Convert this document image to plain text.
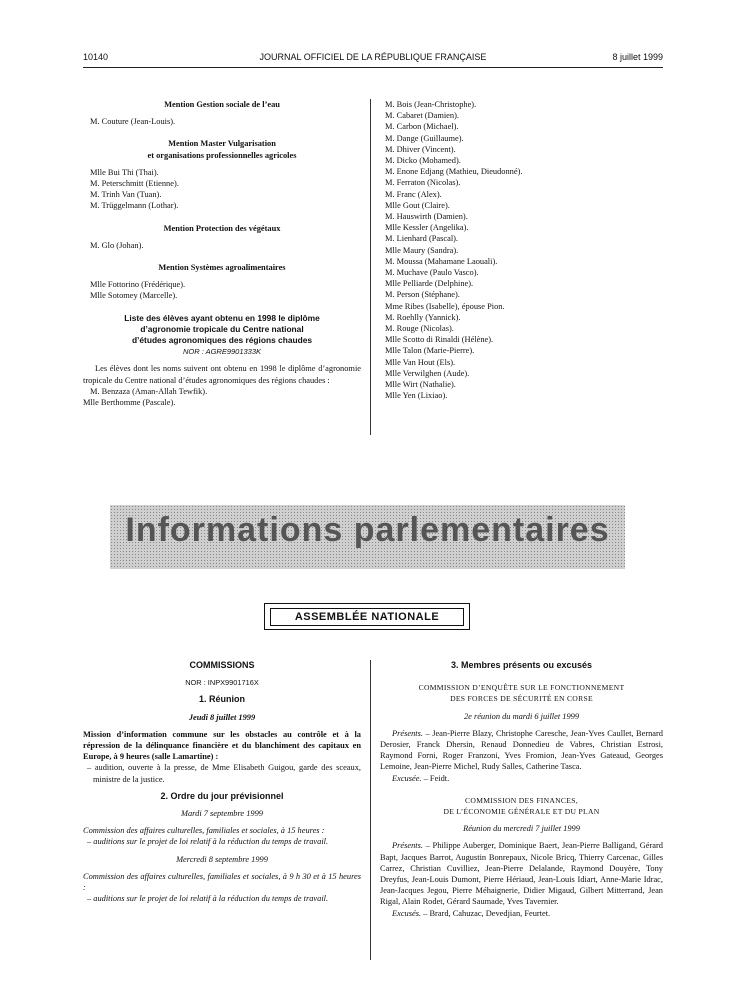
10140	JOURNAL OFFICIEL DE LA RÉPUBLIQUE FRANÇAISE	8 juillet 1999
Mention Gestion sociale de l’eau
M. Couture (Jean-Louis).
Mention Master Vulgarisation
et organisations professionnelles agricoles
Mlle Bui Thi (Thai).
M. Peterschmitt (Etienne).
M. Trinh Van (Tuan).
M. Trüggelmann (Lothar).
Mention Protection des végétaux
M. Glo (Johan).
Mention Systèmes agroalimentaires
Mlle Fottorino (Frédérique).
Mlle Sotomey (Marcelle).
Liste des élèves ayant obtenu en 1998 le diplôme
d’agronomie tropicale du Centre national
d’études agronomiques des régions chaudes
NOR : AGRE9901333K
Les élèves dont les noms suivent ont obtenu en 1998 le diplôme d’agronomie tropicale du Centre national d’études agronomiques des régions chaudes :
M. Benzaza (Aman-Allah Tewfik).
Mlle Berthomme (Pascale).
M. Bois (Jean-Christophe).
M. Cabaret (Damien).
M. Carbon (Michael).
M. Dange (Guillaume).
M. Dhiver (Vincent).
M. Dicko (Mohamed).
M. Enone Edjang (Mathieu, Dieudonné).
M. Ferraton (Nicolas).
M. Franc (Alex).
Mlle Gout (Claire).
M. Hauswirth (Damien).
Mlle Kessler (Angelika).
M. Lienhard (Pascal).
Mlle Maury (Sandra).
M. Moussa (Mahamane Laouali).
M. Muchave (Paulo Vasco).
Mlle Pelliarde (Delphine).
M. Person (Stéphane).
Mme Ribes (Isabelle), épouse Pion.
M. Roehlly (Yannick).
M. Rouge (Nicolas).
Mlle Scotto di Rinaldi (Hélène).
Mlle Talon (Marie-Pierre).
Mlle Van Hout (Els).
Mlle Verwilghen (Aude).
Mlle Wirt (Nathalie).
Mlle Yen (Lixiao).
Informations parlementaires
ASSEMBLÉE NATIONALE
COMMISSIONS
NOR : INPX9901716X
1. Réunion
Jeudi 8 juillet 1999
Mission d’information commune sur les obstacles au contrôle et à la répression de la délinquance financière et du blanchiment des capitaux en Europe, à 9 heures (salle Lamartine) :
– audition, ouverte à la presse, de Mme Elisabeth Guigou, garde des sceaux, ministre de la justice.
2. Ordre du jour prévisionnel
Mardi 7 septembre 1999
Commission des affaires culturelles, familiales et sociales, à 15 heures :
– auditions sur le projet de loi relatif à la réduction du temps de travail.
Mercredi 8 septembre 1999
Commission des affaires culturelles, familiales et sociales, à 9 h 30 et à 15 heures :
– auditions sur le projet de loi relatif à la réduction du temps de travail.
3. Membres présents ou excusés
COMMISSION D’ENQUÊTE SUR LE FONCTIONNEMENT
DES FORCES DE SÉCURITÉ EN CORSE
2e réunion du mardi 6 juillet 1999
Présents. – Jean-Pierre Blazy, Christophe Caresche, Jean-Yves Caullet, Bernard Derosier, Franck Dhersin, Renaud Donnedieu de Vabres, Christian Estrosi, Raymond Forni, Roger Franzoni, Yves Fromion, Jean-Yves Gateaud, Georges Lemoine, Jean-Pierre Michel, Rudy Salles, Catherine Tasca.
Excusée. – Feidt.
COMMISSION DES FINANCES,
DE L’ÉCONOMIE GÉNÉRALE ET DU PLAN
Réunion du mercredi 7 juillet 1999
Présents. – Philippe Auberger, Dominique Baert, Jean-Pierre Balligand, Gérard Bapt, Jacques Barrot, Augustin Bonrepaux, Nicole Bricq, Thierry Carcenac, Gilles Carrez, Christian Cuvilliez, Jean-Pierre Delalande, Raymond Douyère, Tony Dreyfus, Jean-Louis Dumont, Pierre Hériaud, Jean-Louis Idiart, Anne-Marie Idrac, Jean-Jacques Jegou, Pierre Méhaignerie, Didier Migaud, Gilbert Mitterrand, Jean Rigal, Alain Rodet, Gérard Saumade, Yves Tavernier.
Excusés. – Brard, Cahuzac, Devedjian, Feurtet.
